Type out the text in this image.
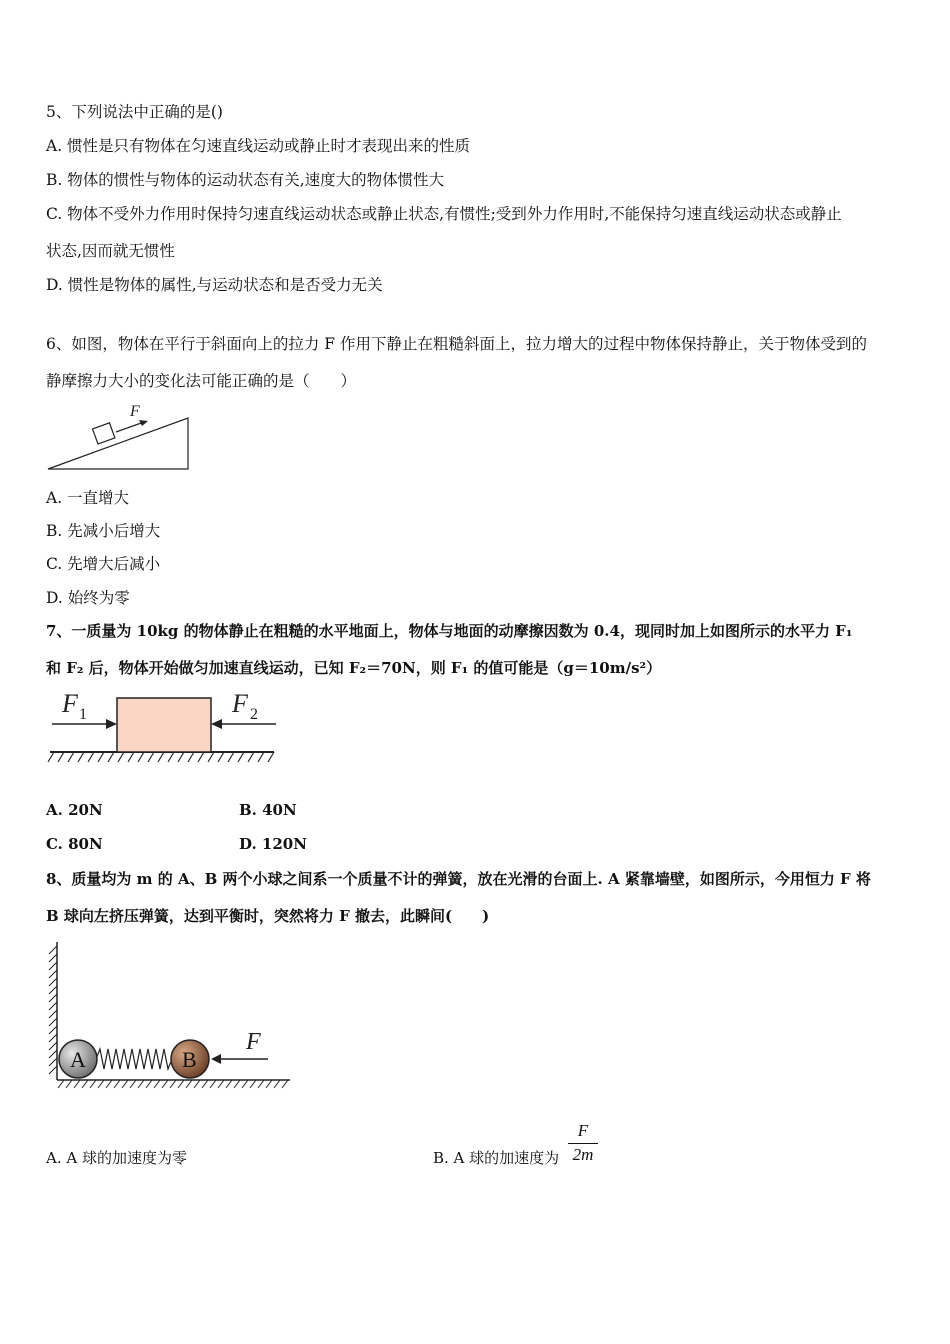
5、下列说法中正确的是()
A. 惯性是只有物体在匀速直线运动或静止时才表现出来的性质
B. 物体的惯性与物体的运动状态有关,速度大的物体惯性大
C. 物体不受外力作用时保持匀速直线运动状态或静止状态,有惯性;受到外力作用时,不能保持匀速直线运动状态或静止
状态,因而就无惯性
D. 惯性是物体的属性,与运动状态和是否受力无关
6、如图，物体在平行于斜面向上的拉力 F 作用下静止在粗糙斜面上，拉力增大的过程中物体保持静止，关于物体受到的
静摩擦力大小的变化法可能正确的是（　　）
F
A. 一直增大
B. 先减小后增大
C. 先增大后减小
D. 始终为零
7、一质量为 10kg 的物体静止在粗糙的水平地面上，物体与地面的动摩擦因数为 0.4，现同时加上如图所示的水平力 F₁
和 F₂ 后，物体开始做匀加速直线运动，已知 F₂＝70N，则 F₁ 的值可能是（g＝10m/s²）
F 1	F 2
A. 20N	B. 40N
C. 80N	D. 120N
8、质量均为 m 的 A、B 两个小球之间系一个质量不计的弹簧，放在光滑的台面上. A 紧靠墙壁，如图所示，今用恒力 F 将
B 球向左挤压弹簧，达到平衡时，突然将力 F 撤去，此瞬间(　　)
A	B
F
A. A 球的加速度为零	B. A 球的加速度为
F
2m
